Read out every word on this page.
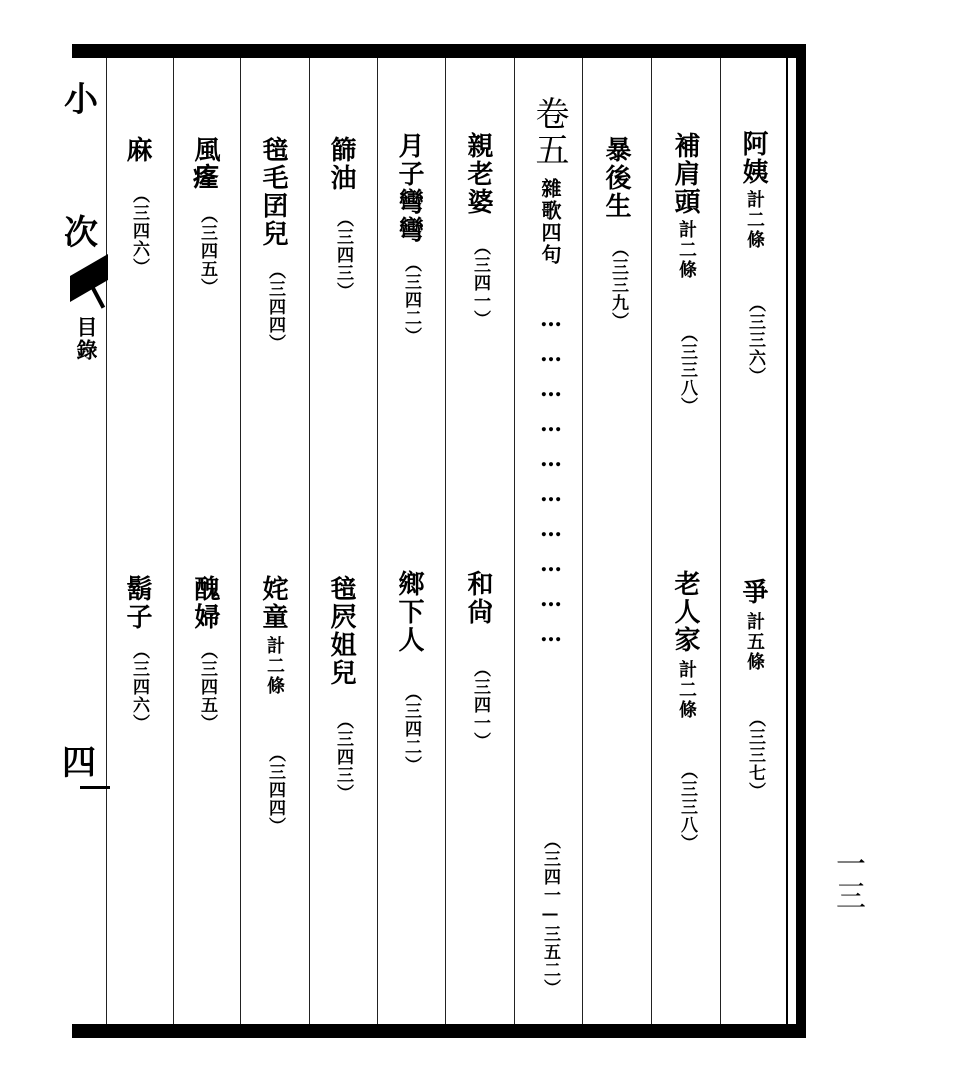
阿姨
計二條
（三三六）
爭
計五條
（三三七）
補肩頭
計二條
（三三八）
老人家
計二條
（三三八）
暴後生
（三三九）
卷五
雜歌四句
…………………………
（三四一—三五二）
親老婆
（三四一）
和尙
（三四一）
月子彎彎
（三四二）
鄉下人
（三四二）
篩油
（三四三）
毰屄姐兒
（三四三）
毰毛囝兒
（三四四）
姹童
計二條
（三四四）
風𤸇
（三四五）
醜婦
（三四五）
麻
（三四六）
鬍子
（三四六）
小
次
目錄
四
一三
